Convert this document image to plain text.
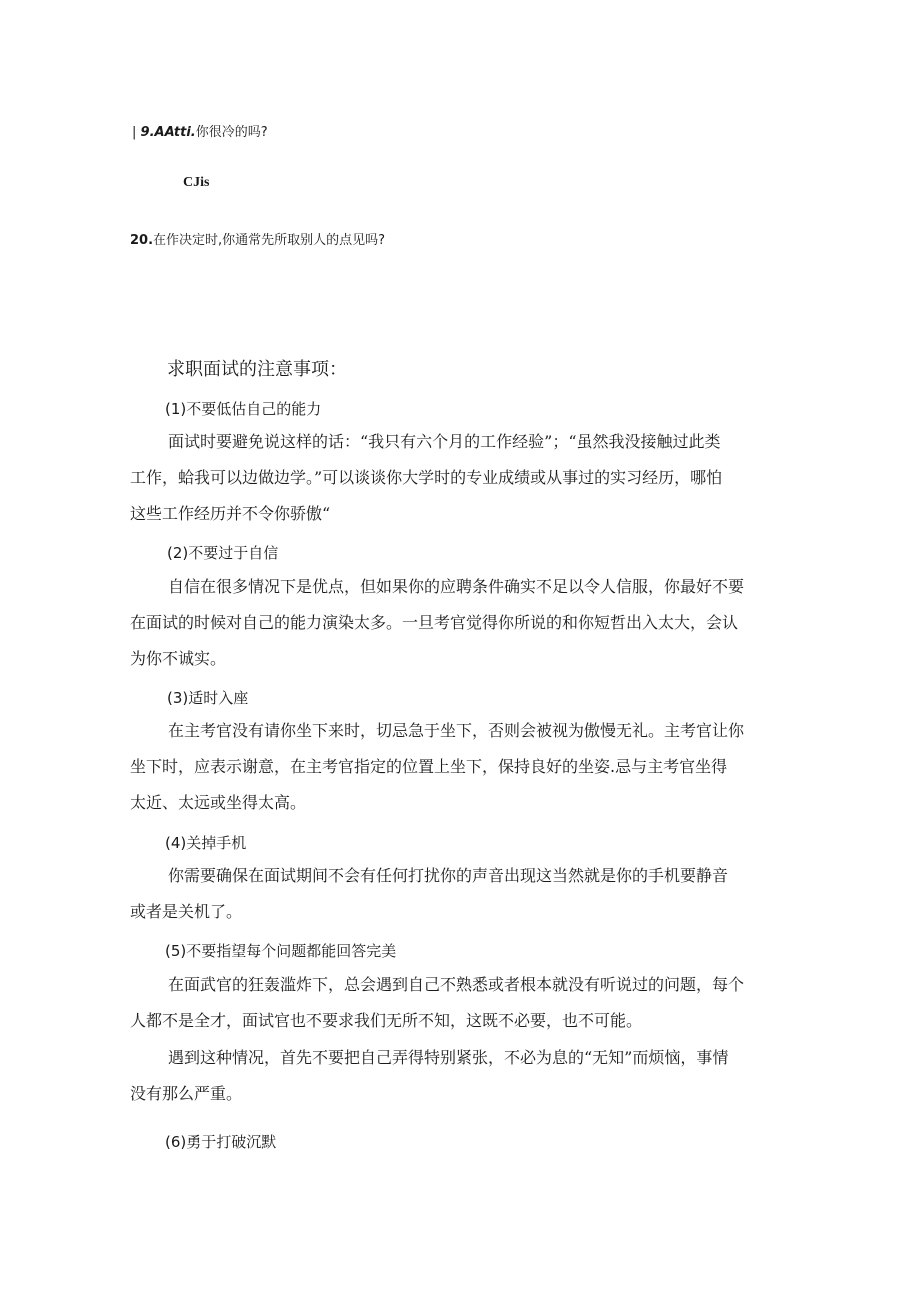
| 9.AAtti.你很冷的吗?
CJis
20.在作决定时,你通常先所取别人的点见吗?
求职面试的注意事项：
(1)不要低估自己的能力
面试时要避免说这样的话：“我只有六个月的工作经验”；“虽然我没接触过此类
工作，蛤我可以边做边学。”可以谈谈你大学时的专业成绩或从事过的实习经历，哪怕
这些工作经历并不令你骄傲“
(2)不要过于自信
自信在很多情况下是优点，但如果你的应聘条件确实不足以令人信服，你最好不要
在面试的时候对自己的能力演染太多。一旦考官觉得你所说的和你短哲出入太大，会认
为你不诚实。
(3)适时入座
在主考官没有请你坐下来时，切忌急于坐下，否则会被视为傲慢无礼。主考官让你
坐下时，应表示谢意，在主考官指定的位置上坐下，保持良好的坐姿.忌与主考官坐得
太近、太远或坐得太高。
(4)关掉手机
你需要确保在面试期间不会有任何打扰你的声音出现这当然就是你的手机要静音
或者是关机了。
(5)不要指望每个问题都能回答完美
在面武官的狂轰滥炸下，总会遇到自己不熟悉或者根本就没有听说过的问题，每个
人都不是全才，面试官也不要求我们无所不知，这既不必要，也不可能。
遇到这种情况，首先不要把自己弄得特别紧张，不必为息的“无知”而烦恼，事情
没有那么严重。
(6)勇于打破沉默
